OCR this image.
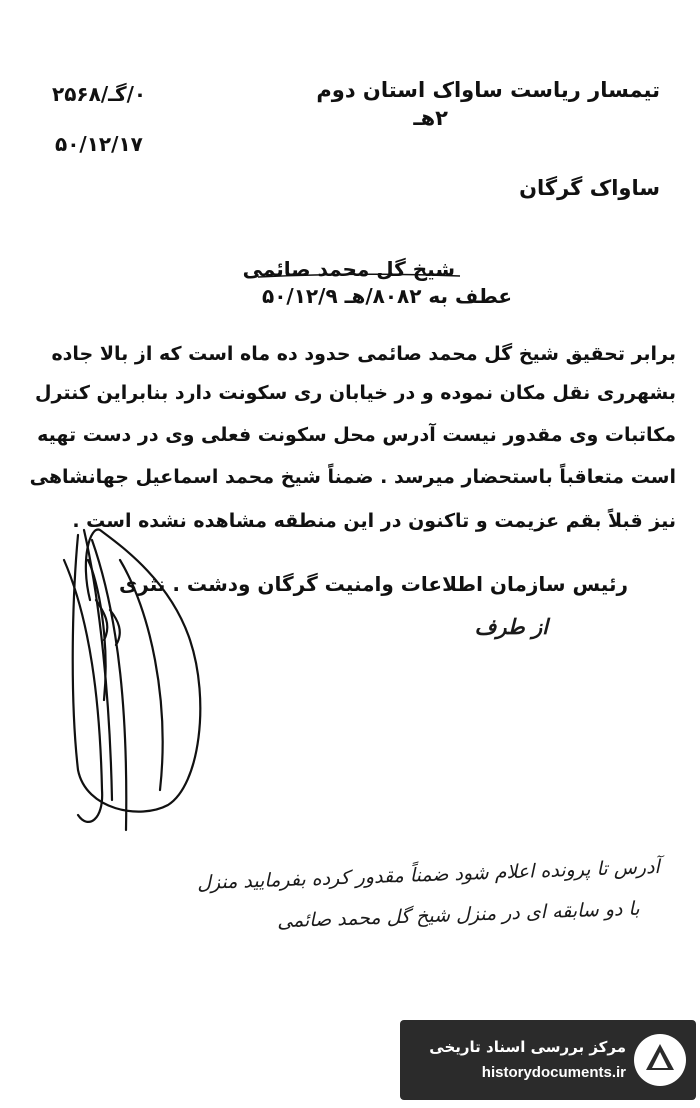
تیمسار ریاست ساواک استان دوم
۲هـ
۰/گـ/۲۵۶۸
۵۰/۱۲/۱۷
ساواک گرگان
شیخ گل محمد صائمی
عطف به ۸۰۸۲/هـ ۵۰/۱۲/۹
برابر تحقیق شیخ گل محمد صائمی حدود ده ماه است که از بالا جاده
بشهرری نقل مکان نموده و در خیابان ری سکونت دارد بنابراین کنترل
مکاتبات وی مقدور نیست آدرس محل سکونت فعلی وی در دست تهیه
است متعاقباً باستحضار میرسد . ضمناً شیخ محمد اسماعیل جهانشاهی
نیز قبلاً بقم عزیمت و تاکنون در این منطقه مشاهده نشده است .
رئیس سازمان اطلاعات وامنیت گرگان ودشت . نثری
از طرف
آدرس تا پرونده اعلام شود ضمناً مقدور کرده بفرمایید منزل
با دو سابقه ای در منزل شیخ گل محمد صائمی
مرکز بررسی اسناد تاریخی
historydocuments.ir
